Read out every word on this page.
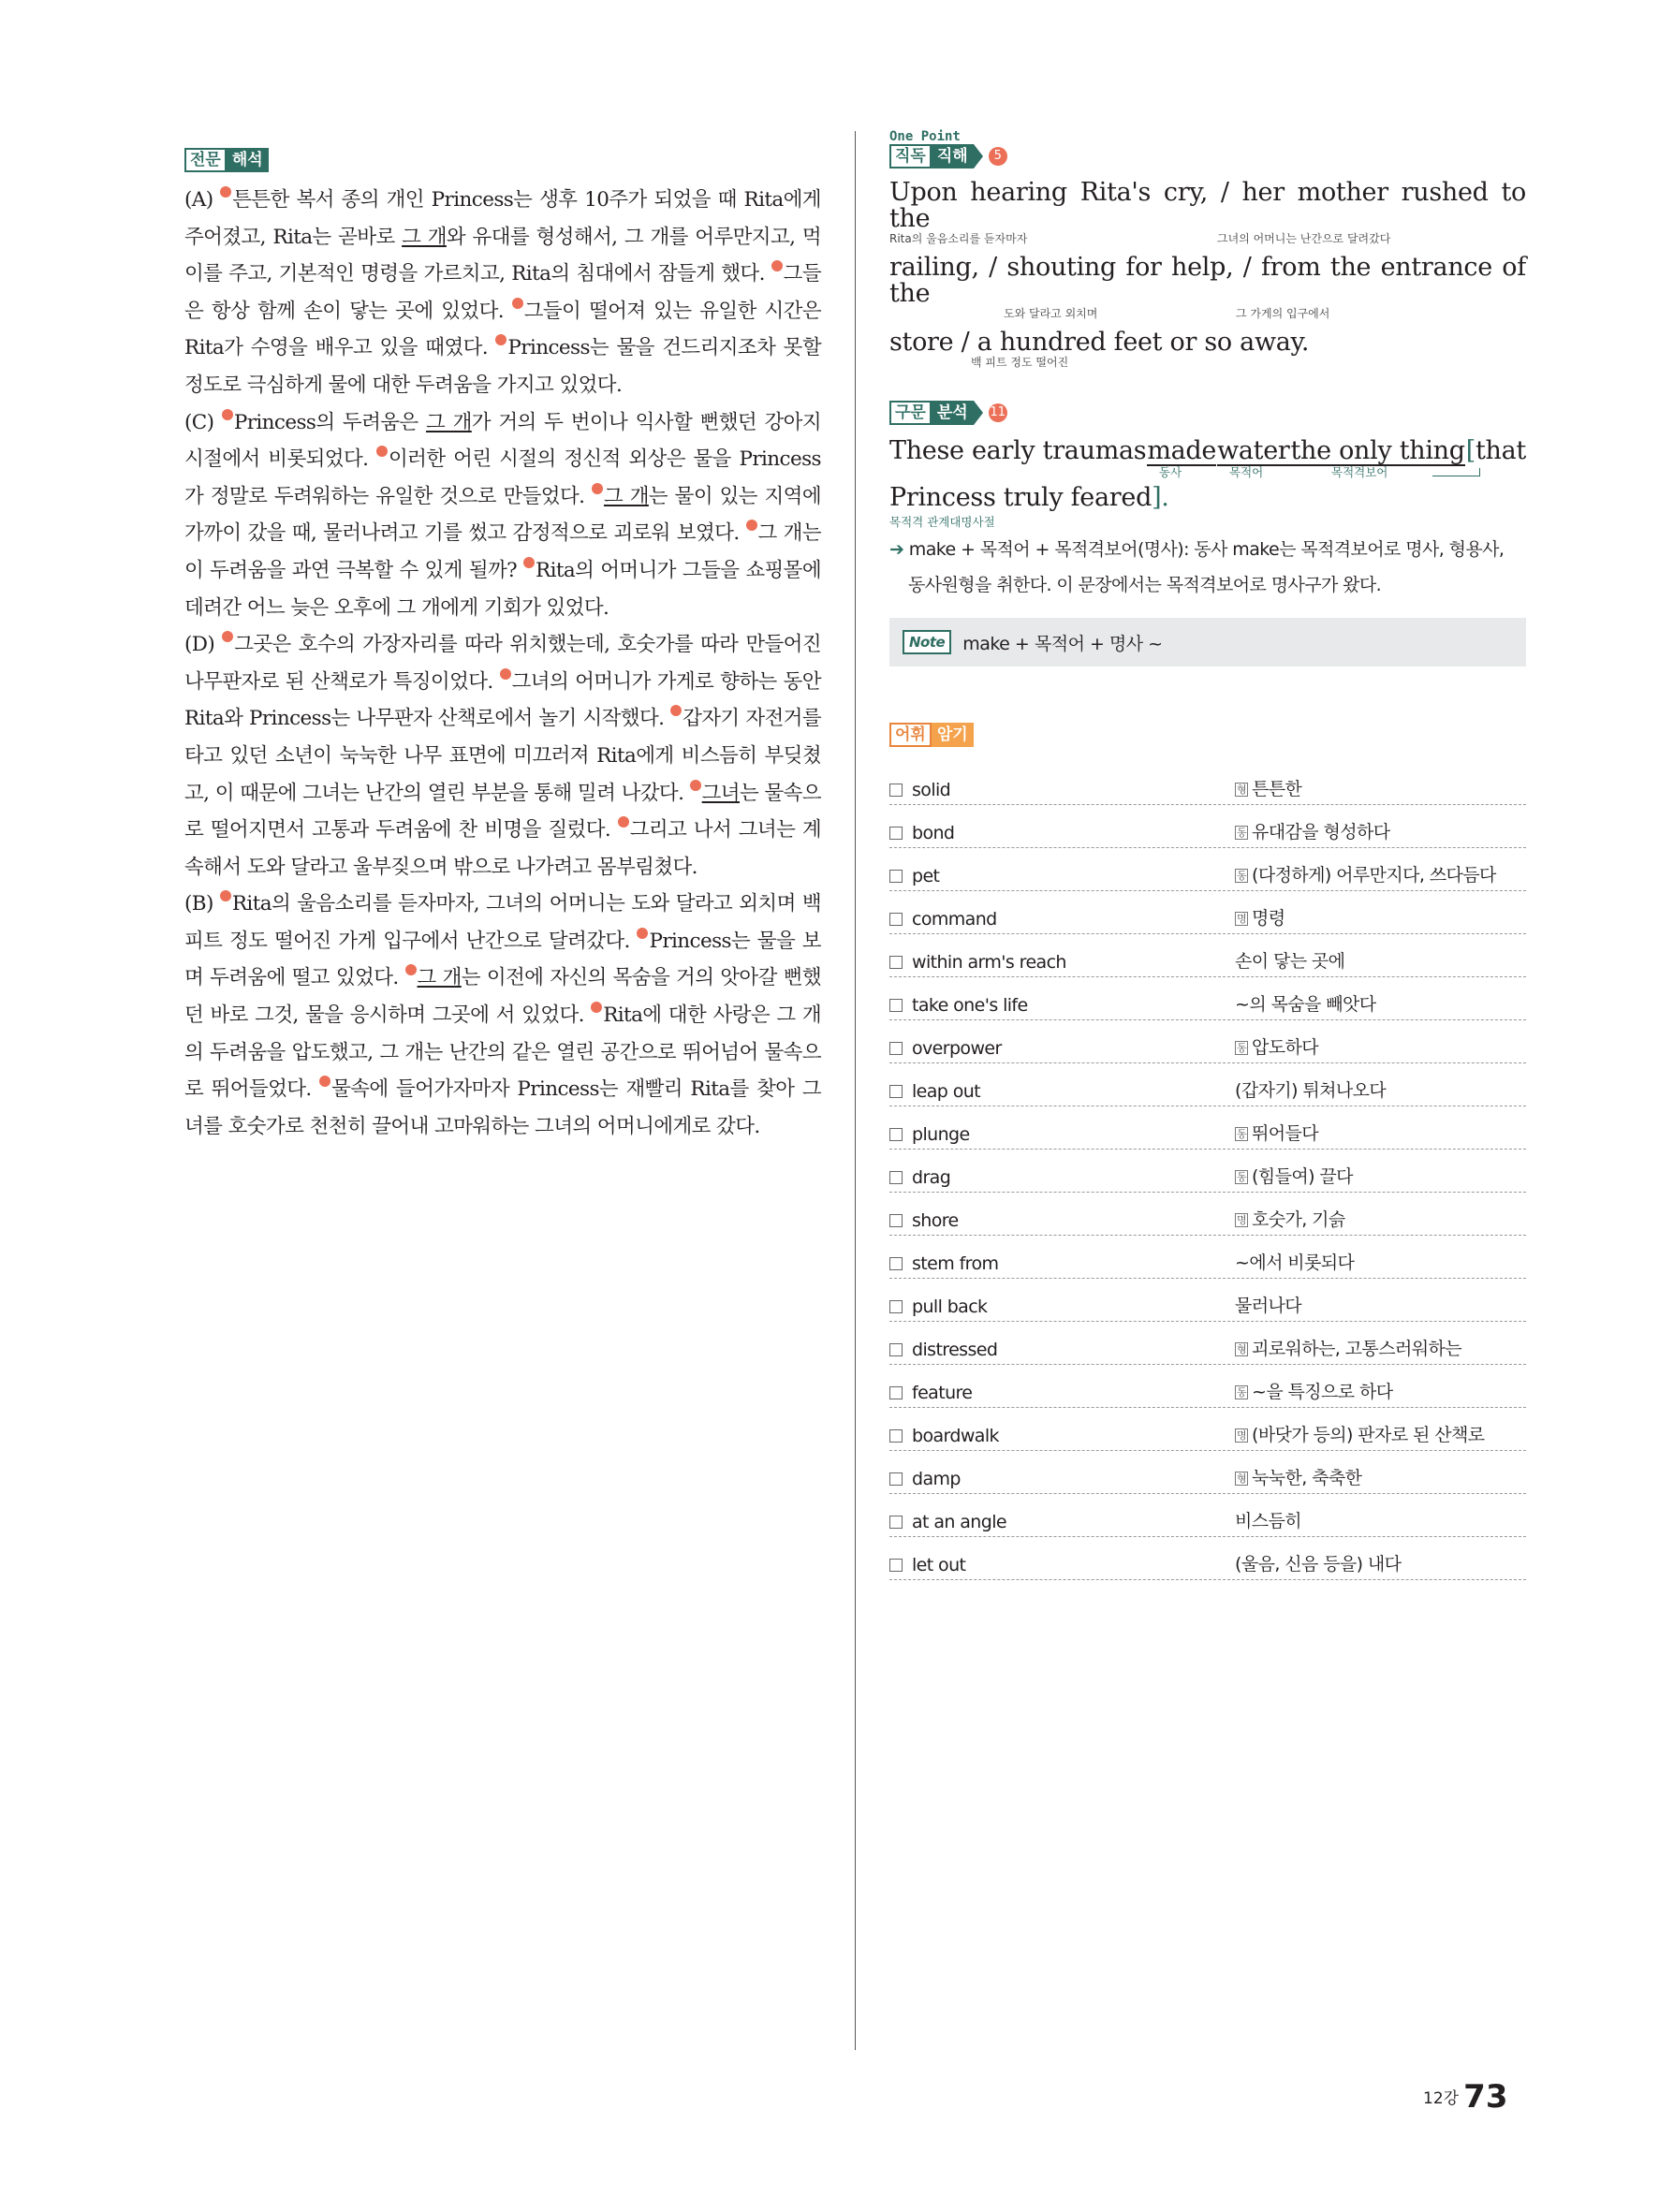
전문 해석

(A) 튼튼한 복서 종의 개인 Princess는 생후 10주가 되었을 때 Rita에게 주어졌고, Rita는 곧바로 그 개와 유대를 형성해서, 그 개를 어루만지고, 먹이를 주고, 기본적인 명령을 가르치고, Rita의 침대에서 잠들게 했다. 그들은 항상 함께 손이 닿는 곳에 있었다. 그들이 떨어져 있는 유일한 시간은 Rita가 수영을 배우고 있을 때였다. Princess는 물을 건드리지조차 못할 정도로 극심하게 물에 대한 두려움을 가지고 있었다.

(C) Princess의 두려움은 그 개가 거의 두 번이나 익사할 뻔했던 강아지 시절에서 비롯되었다. 이러한 어린 시절의 정신적 외상은 물을 Princess가 정말로 두려워하는 유일한 것으로 만들었다. 그 개는 물이 있는 지역에 가까이 갔을 때, 물러나려고 기를 썼고 감정적으로 괴로워 보였다. 그 개는 이 두려움을 과연 극복할 수 있게 될까? Rita의 어머니가 그들을 쇼핑몰에 데려간 어느 늦은 오후에 그 개에게 기회가 있었다.

(D) 그곳은 호수의 가장자리를 따라 위치했는데, 호숫가를 따라 만들어진 나무판자로 된 산책로가 특징이었다. 그녀의 어머니가 가게로 향하는 동안 Rita와 Princess는 나무판자 산책로에서 놀기 시작했다. 갑자기 자전거를 타고 있던 소년이 눅눅한 나무 표면에 미끄러져 Rita에게 비스듬히 부딪쳤고, 이 때문에 그녀는 난간의 열린 부분을 통해 밀려 나갔다. 그녀는 물속으로 떨어지면서 고통과 두려움에 찬 비명을 질렀다. 그리고 나서 그녀는 계속해서 도와 달라고 울부짖으며 밖으로 나가려고 몸부림쳤다.

(B) Rita의 울음소리를 듣자마자, 그녀의 어머니는 도와 달라고 외치며 백 피트 정도 떨어진 가게 입구에서 난간으로 달려갔다. Princess는 물을 보며 두려움에 떨고 있었다. 그 개는 이전에 자신의 목숨을 거의 앗아갈 뻔했던 바로 그것, 물을 응시하며 그곳에 서 있었다. Rita에 대한 사랑은 그 개의 두려움을 압도했고, 그 개는 난간의 같은 열린 공간으로 뛰어넘어 물속으로 뛰어들었다. 물속에 들어가자마자 Princess는 재빨리 Rita를 찾아 그녀를 호숫가로 천천히 끌어내 고마워하는 그녀의 어머니에게로 갔다.

One Point
직독 직해	5
Upon hearing Rita's cry, / her mother rushed to the
Rita의 울음소리를 듣자마자	그녀의 어머니는 난간으로 달려갔다
railing, / shouting for help, / from the entrance of the
도와 달라고 외치며	그 가게의 입구에서
store / a hundred feet or so away.
백 피트 정도 떨어진
구문 분석	11
These early traumas made water the only thing [that
동사	목적어	목적격보어
Princess truly feared].
목적격 관계대명사절
➔ make + 목적어 + 목적격보어(명사): 동사 make는 목적격보어로 명사, 형용사,
동사원형을 취한다. 이 문장에서는 목적격보어로 명사구가 왔다.
Note	make + 목적어 + 명사 ~
어휘 암기
solid	형 튼튼한
bond	동 유대감을 형성하다
pet	동 (다정하게) 어루만지다, 쓰다듬다
command	명 명령
within arm's reach	손이 닿는 곳에
take one's life	~의 목숨을 빼앗다
overpower	동 압도하다
leap out	(갑자기) 튀쳐나오다
plunge	동 뛰어들다
drag	동 (힘들여) 끌다
shore	명 호숫가, 기슭
stem from	~에서 비롯되다
pull back	물러나다
distressed	형 괴로워하는, 고통스러워하는
feature	동 ~을 특징으로 하다
boardwalk	명 (바닷가 등의) 판자로 된 산책로
damp	형 눅눅한, 축축한
at an angle	비스듬히
let out	(울음, 신음 등을) 내다
12강 73
